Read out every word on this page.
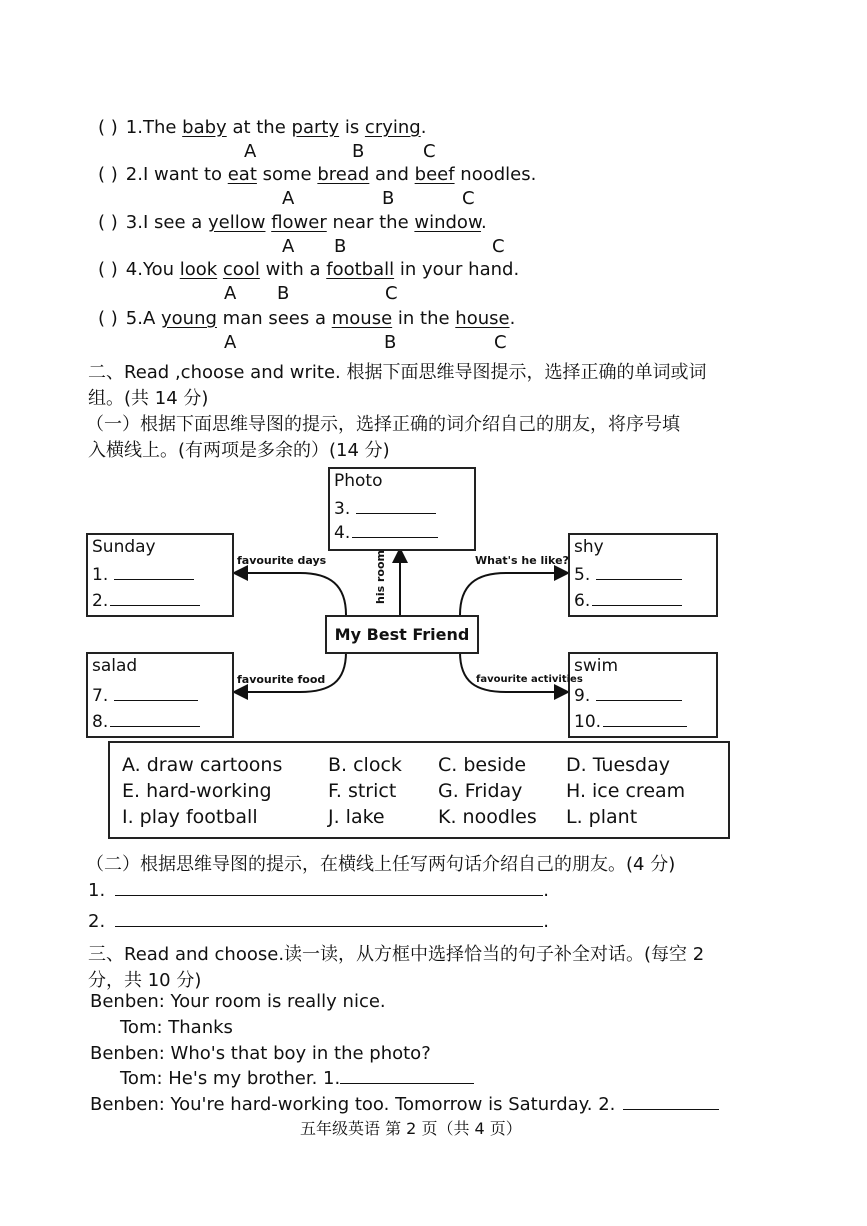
( ) 1.The baby at the party is crying.
A	B	C
( ) 2.I want to eat some bread and beef noodles.
A	B	C
( ) 3.I see a yellow flower near the window.
A B	C
( ) 4.You look cool with a football in your hand.
A B	C
( ) 5.A young man sees a mouse in the house.
A	B	C
二、Read ,choose and write. 根据下面思维导图提示，选择正确的单词或词
组。(共 14 分)
（一）根据下面思维导图的提示，选择正确的词介绍自己的朋友，将序号填
入横线上。(有两项是多余的）(14 分)
Photo
3.
4.
Sunday
1.
2.
shy
5.
6.
salad
7.
8.
swim
9.
10.
My Best Friend
favourite days	his room	What's he like?
favourite food	favourite activities
A. draw cartoons B. clock C. beside D. Tuesday
E. hard-working	F. strict G. Friday H. ice cream
I. play football	J. lake	K. noodles L. plant
（二）根据思维导图的提示，在横线上任写两句话介绍自己的朋友。(4 分)
1.	.
2.	.
三、Read and choose.读一读，从方框中选择恰当的句子补全对话。(每空 2
分，共 10 分)
Benben: Your room is really nice.
Tom: Thanks
Benben: Who's that boy in the photo?
Tom: He's my brother. 1.
Benben: You're hard-working too. Tomorrow is Saturday. 2.
五年级英语 第 2 页（共 4 页）
